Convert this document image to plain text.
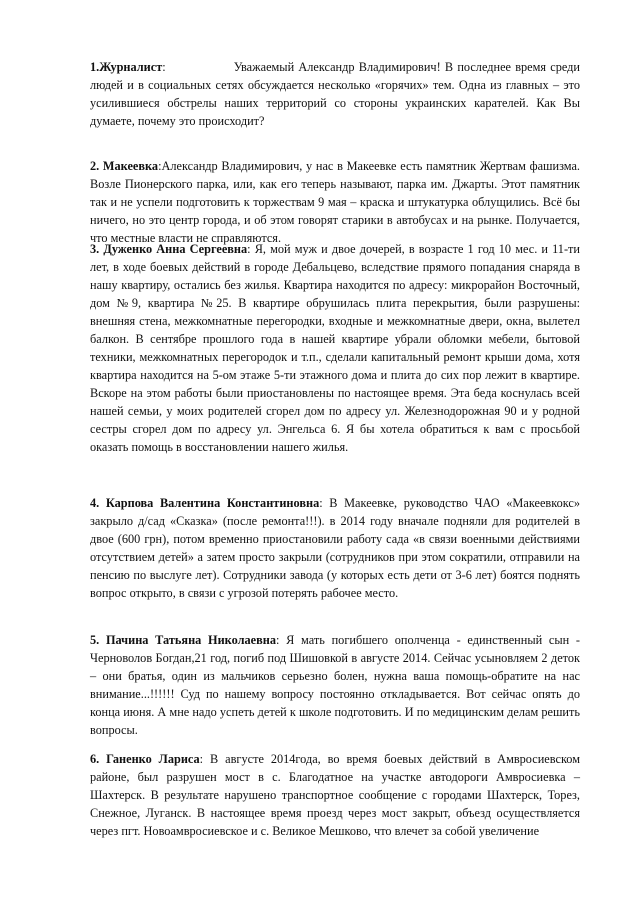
1.Журналист:	Уважаемый Александр Владимирович! В последнее время среди людей и в социальных сетях обсуждается несколько «горячих» тем. Одна из главных – это усилившиеся обстрелы наших территорий со стороны украинских карателей. Как Вы думаете, почему это происходит?

2. Макеевка:Александр Владимирович, у нас в Макеевке есть памятник Жертвам фашизма. Возле Пионерского парка, или, как его теперь называют, парка им. Джарты. Этот памятник так и не успели подготовить к торжествам 9 мая – краска и штукатурка облущились. Всё бы ничего, но это центр города, и об этом говорят старики в автобусах и на рынке. Получается, что местные власти не справляются.

3. Дуженко Анна Сергеевна: Я, мой муж и двое дочерей, в возрасте 1 год 10 мес. и 11-ти лет, в ходе боевых действий в городе Дебальцево, вследствие прямого попадания снаряда в нашу квартиру, остались без жилья. Квартира находится по адресу: микрорайон Восточный, дом №9, квартира №25. В квартире обрушилась плита перекрытия, были разрушены: внешняя стена, межкомнатные перегородки, входные и межкомнатные двери, окна, вылетел балкон. В сентябре прошлого года в нашей квартире убрали обломки мебели, бытовой техники, межкомнатных перегородок и т.п., сделали капитальный ремонт крыши дома, хотя квартира находится на 5-ом этаже 5-ти этажного дома и плита до сих пор лежит в квартире. Вскоре на этом работы были приостановлены по настоящее время. Эта беда коснулась всей нашей семьи, у моих родителей сгорел дом по адресу ул. Железнодорожная 90 и у родной сестры сгорел дом по адресу ул. Энгельса 6. Я бы хотела обратиться к вам с просьбой оказать помощь в восстановлении нашего жилья.

4. Карпова Валентина Константиновна: В Макеевке, руководство ЧАО «Макеевкокс» закрыло д/сад «Сказка» (после ремонта!!!). в 2014 году вначале подняли для родителей в двое (600 грн), потом временно приостановили работу сада «в связи военными действиями отсутствием детей» а затем просто закрыли (сотрудников при этом сократили, отправили на пенсию по выслуге лет). Сотрудники завода (у которых есть дети от 3-6 лет) боятся поднять вопрос открыто, в связи с угрозой потерять рабочее место.

5. Пачина Татьяна Николаевна: Я мать погибшего ополченца - единственный сын - Черноволов Богдан,21 год, погиб под Шишовкой в августе 2014. Сейчас усыновляем 2 деток – они братья, один из мальчиков серьезно болен, нужна ваша помощь-обратите на нас внимание...!!!!!! Суд по нашему вопросу постоянно откладывается. Вот сейчас опять до конца июня. А мне надо успеть детей к школе подготовить. И по медицинским делам решить вопросы.

6. Ганенко Лариса: В августе 2014года, во время боевых действий в Амвросиевском районе, был разрушен мост в с. Благодатное на участке автодороги Амвросиевка – Шахтерск. В результате нарушено транспортное сообщение с городами Шахтерск, Торез, Снежное, Луганск. В настоящее время проезд через мост закрыт, объезд осуществляется через пгт. Новоамвросиевское и с. Великое Мешково, что влечет за собой увеличение
